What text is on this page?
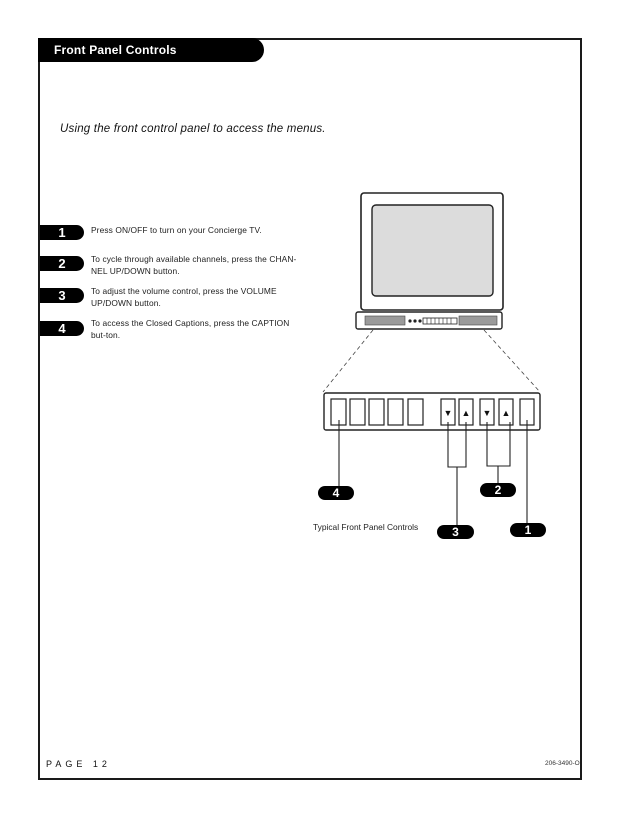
Front Panel Controls
Using the front control panel to access the menus.
1	Press ON/OFF to turn on your Concierge TV.
2	To cycle through available channels, press the CHAN-NEL UP/DOWN button.
3	To adjust the volume control, press the VOLUME UP/DOWN button.
4	To access the Closed Captions, press the CAPTION but-ton.
▼ ▲ ▼ ▲
4	2
3	1
Typical Front Panel Controls
PAGE 12	206-3490-O
